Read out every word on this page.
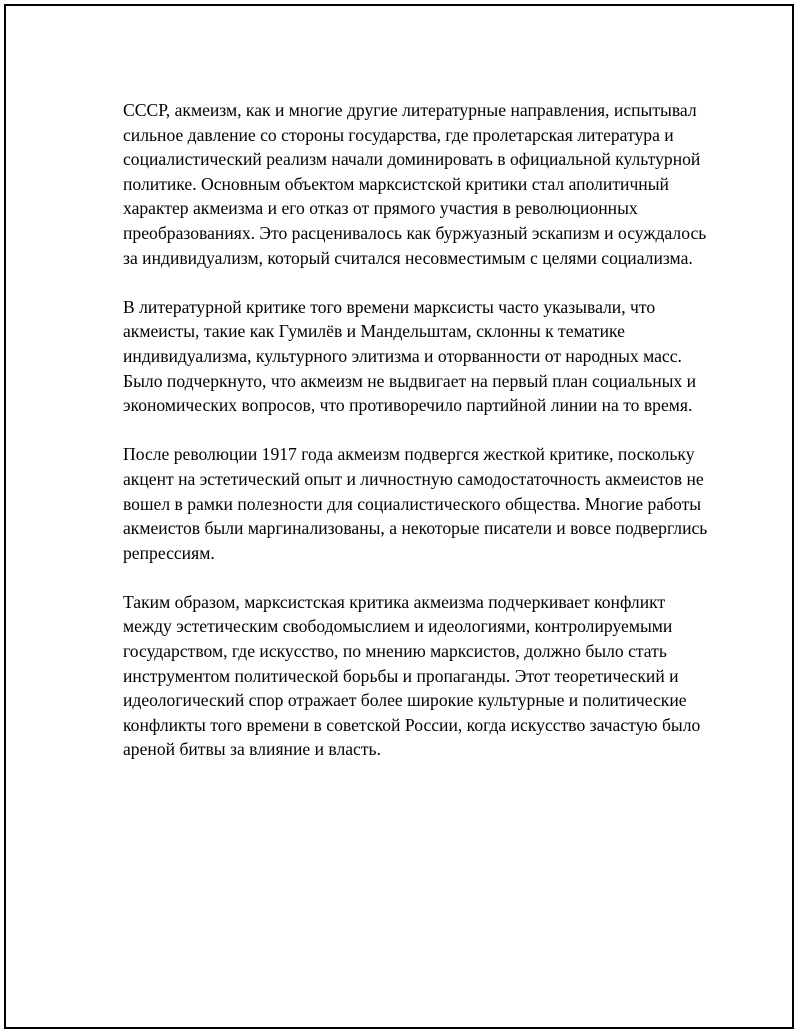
СССР, акмеизм, как и многие другие литературные направления, испытывал сильное давление со стороны государства, где пролетарская литература и социалистический реализм начали доминировать в официальной культурной политике. Основным объектом марксистской критики стал аполитичный характер акмеизма и его отказ от прямого участия в революционных преобразованиях. Это расценивалось как буржуазный эскапизм и осуждалось за индивидуализм, который считался несовместимым с целями социализма.

В литературной критике того времени марксисты часто указывали, что акмеисты, такие как Гумилёв и Мандельштам, склонны к тематике индивидуализма, культурного элитизма и оторванности от народных масс. Было подчеркнуто, что акмеизм не выдвигает на первый план социальных и экономических вопросов, что противоречило партийной линии на то время.

После революции 1917 года акмеизм подвергся жесткой критике, поскольку акцент на эстетический опыт и личностную самодостаточность акмеистов не вошел в рамки полезности для социалистического общества. Многие работы акмеистов были маргинализованы, а некоторые писатели и вовсе подверглись репрессиям.

Таким образом, марксистская критика акмеизма подчеркивает конфликт между эстетическим свободомыслием и идеологиями, контролируемыми государством, где искусство, по мнению марксистов, должно было стать инструментом политической борьбы и пропаганды. Этот теоретический и идеологический спор отражает более широкие культурные и политические конфликты того времени в советской России, когда искусство зачастую было ареной битвы за влияние и власть.
